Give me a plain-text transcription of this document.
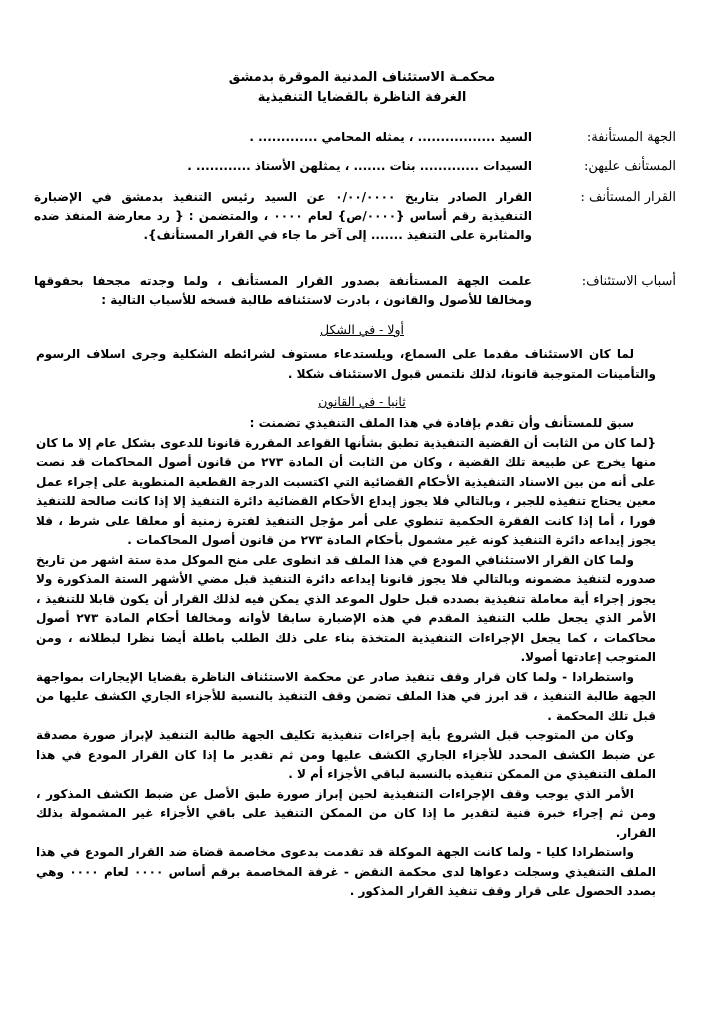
محكمـة الاستئناف المدنية الموقرة بدمشق
الغرفة الناظرة بالقضايا التنفيذية
الجهة المستأنفة:
السيد ................. ، يمثله المحامي ............. .
المستأنف عليهن:
السيدات ............. بنات ....... ، يمثلهن الأستاذ ............ .
القرار المستأنف :
القرار الصادر بتاريخ ٠/٠٠/٠٠٠٠ عن السيد رئيس التنفيذ بدمشق في الإضبارة التنفيذية رقم أساس {٠٠٠٠/ص} لعام ٠٠٠٠ ، والمتضمن : { رد معارضة المنفذ ضده والمثابرة على التنفيذ ....... إلى آخر ما جاء في القرار المستأنف}.
أسباب الاستئناف:
علمت الجهة المستأنفة بصدور القرار المستأنف ، ولما وجدته مجحفا بحقوقها ومخالفا للأصول والقانون ، بادرت لاستئنافه طالبة فسخه للأسباب التالية :
أولا - في الشكل

لما كان الاستئناف مقدما على السماع، ويلستدعاء مستوف لشرائطه الشكلية وجرى اسلاف الرسوم والتأمينات المتوجبة قانونا، لذلك نلتمس قبول الاستئناف شكلا .

ثانيا - في القانون

سبق للمستأنف وأن تقدم بإفادة في هذا الملف التنفيذي تضمنت :

{لما كان من الثابت أن القضية التنفيذية تطبق بشأنها القواعد المقررة قانونا للدعوى بشكل عام إلا ما كان منها يخرج عن طبيعة تلك القضية ، وكان من الثابت أن المادة ٢٧٣ من قانون أصول المحاكمات قد نصت على أنه من بين الاسناد التنفيذية الأحكام القضائية التي اكتسبت الدرجة القطعية المنطوية على إجراء عمل معين يحتاج تنفيذه للجبر ، وبالتالي فلا يجوز إيداع الأحكام القضائية دائرة التنفيذ إلا إذا كانت صالحة للتنفيذ فورا ، أما إذا كانت الفقرة الحكمية تنطوي على أمر مؤجل التنفيذ لفترة زمنية أو معلقا على شرط ، فلا يجوز إيداعه دائرة التنفيذ كونه غير مشمول بأحكام المادة ٢٧٣ من قانون أصول المحاكمات .

ولما كان القرار الاستئنافي المودع في هذا الملف قد انطوى على منح الموكل مدة ستة اشهر من تاريخ صدوره لتنفيذ مضمونه وبالتالي فلا يجوز قانونا إيداعه دائرة التنفيذ قبل مضي الأشهر الستة المذكورة ولا يجوز إجراء أية معاملة تنفيذية بصدده قبل حلول الموعد الذي يمكن فيه لذلك القرار أن يكون قابلا للتنفيذ ، الأمر الذي يجعل طلب التنفيذ المقدم في هذه الإضبارة سابقا لأوانه ومخالفا أحكام المادة ٢٧٣ أصول محاكمات ، كما يجعل الإجراءات التنفيذية المتخذة بناء على ذلك الطلب باطلة أيضا نظرا لبطلانه ، ومن المتوجب إعادتها أصولا.

واستطرادا - ولما كان قرار وقف تنفيذ صادر عن محكمة الاستئناف الناظرة بقضايا الإيجارات بمواجهة الجهة طالبة التنفيذ ، قد ابرز في هذا الملف تضمن وقف التنفيذ بالنسبة للأجزاء الجاري الكشف عليها من قبل تلك المحكمة .

وكان من المتوجب قبل الشروع بأية إجراءات تنفيذية تكليف الجهة طالبة التنفيذ لإبراز صورة مصدقة عن ضبط الكشف المحدد للأجزاء الجاري الكشف عليها ومن ثم تقدير ما إذا كان القرار المودع في هذا الملف التنفيذي من الممكن تنفيذه بالنسبة لباقي الأجزاء أم لا .

الأمر الذي يوجب وقف الإجراءات التنفيذية لحين إبراز صورة طبق الأصل عن ضبط الكشف المذكور ، ومن ثم إجراء خبرة فنية لتقدير ما إذا كان من الممكن التنفيذ على باقي الأجزاء غير المشمولة بذلك القرار.

واستطرادا كليا - ولما كانت الجهة الموكلة قد تقدمت بدعوى مخاصمة قضاة ضد القرار المودع في هذا الملف التنفيذي وسجلت دعواها لدى محكمة النقض - غرفة المخاصمة برقم أساس ٠٠٠٠ لعام ٠٠٠٠ وهي بصدد الحصول على قرار وقف تنفيذ القرار المذكور .
